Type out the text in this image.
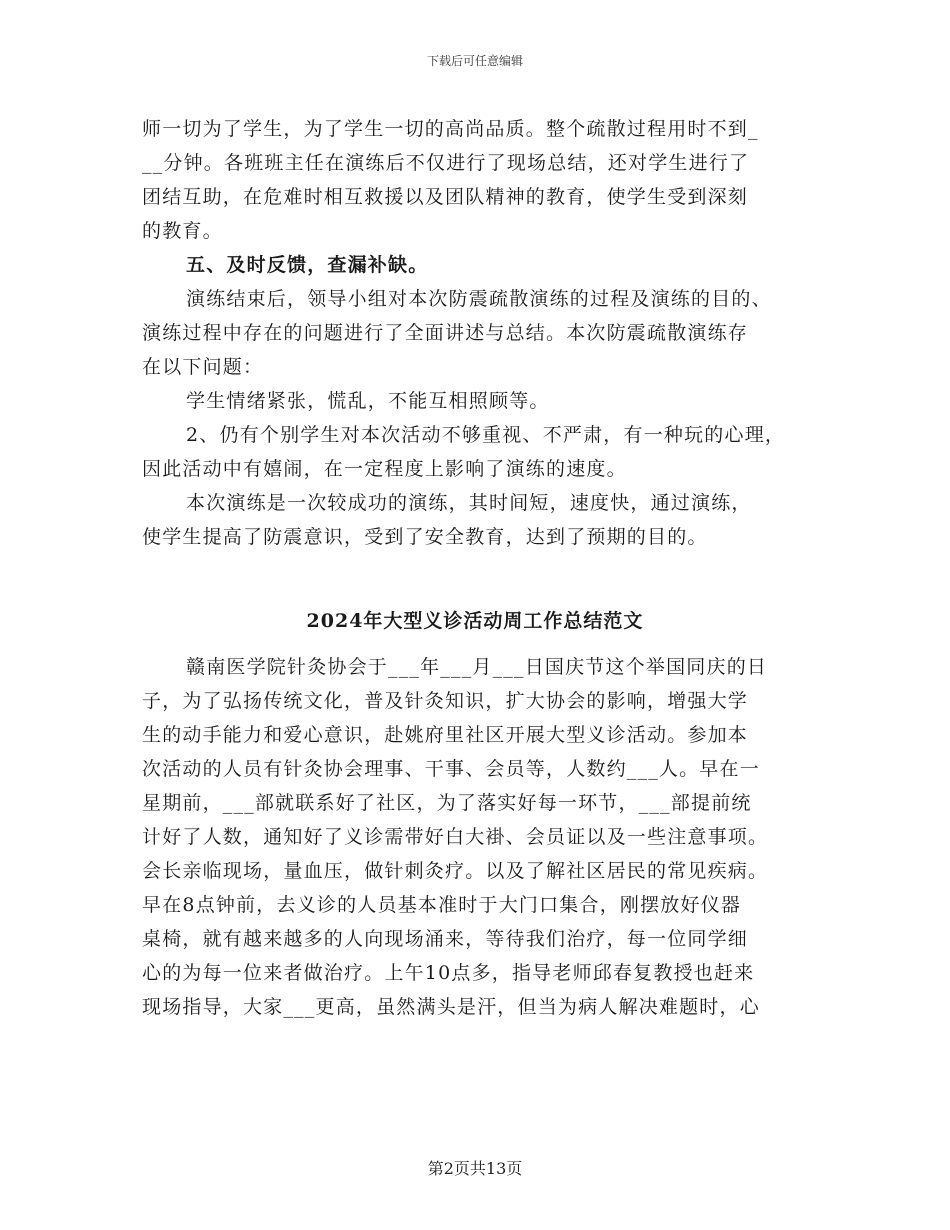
下载后可任意编辑
师一切为了学生，为了学生一切的高尚品质。整个疏散过程用时不到_
__分钟。各班班主任在演练后不仅进行了现场总结，还对学生进行了
团结互助，在危难时相互救援以及团队精神的教育，使学生受到深刻
的教育。
五、及时反馈，查漏补缺。
演练结束后，领导小组对本次防震疏散演练的过程及演练的目的、
演练过程中存在的问题进行了全面讲述与总结。本次防震疏散演练存
在以下问题：
学生情绪紧张，慌乱，不能互相照顾等。
2、仍有个别学生对本次活动不够重视、不严肃，有一种玩的心理，
因此活动中有嬉闹，在一定程度上影响了演练的速度。
本次演练是一次较成功的演练，其时间短，速度快，通过演练，
使学生提高了防震意识，受到了安全教育，达到了预期的目的。
2024年大型义诊活动周工作总结范文
赣南医学院针灸协会于___年___月___日国庆节这个举国同庆的日
子，为了弘扬传统文化，普及针灸知识，扩大协会的影响，增强大学
生的动手能力和爱心意识，赴姚府里社区开展大型义诊活动。参加本
次活动的人员有针灸协会理事、干事、会员等，人数约___人。早在一
星期前，___部就联系好了社区，为了落实好每一环节，___部提前统
计好了人数，通知好了义诊需带好白大褂、会员证以及一些注意事项。
会长亲临现场，量血压，做针刺灸疗。以及了解社区居民的常见疾病。
早在8点钟前，去义诊的人员基本准时于大门口集合，刚摆放好仪器
桌椅，就有越来越多的人向现场涌来，等待我们治疗，每一位同学细
心的为每一位来者做治疗。上午10点多，指导老师邱春复教授也赶来
现场指导，大家___更高，虽然满头是汗，但当为病人解决难题时，心
第2页共13页
